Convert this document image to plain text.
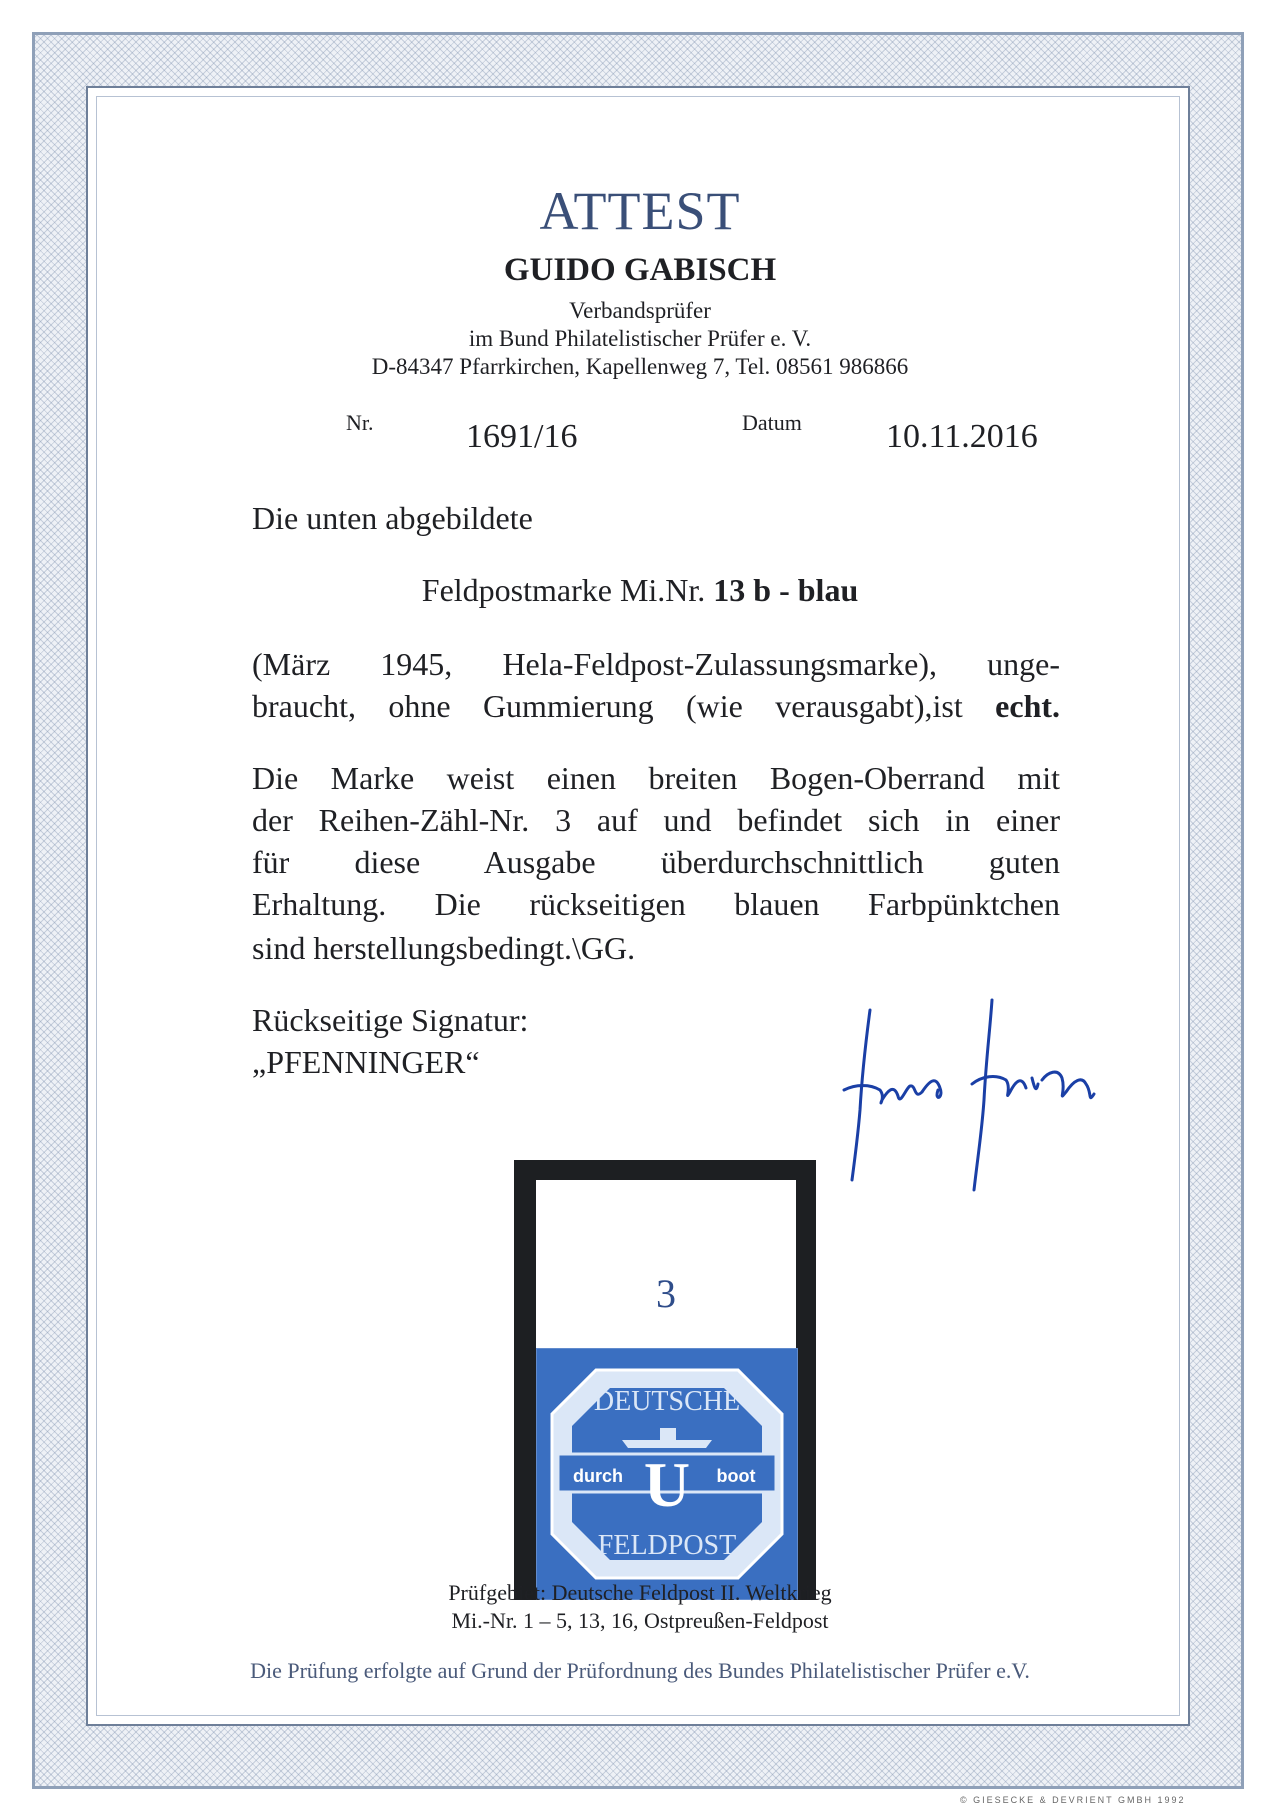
ATTEST
GUIDO GABISCH
Verbandsprüfer
im Bund Philatelistischer Prüfer e. V.
D-84347 Pfarrkirchen, Kapellenweg 7, Tel. 08561 986866
Nr.	1691/16	Datum 10.11.2016
Die unten abgebildete
Feldpostmarke Mi.Nr. 13 b - blau
(März 1945, Hela-Feldpost-Zulassungsmarke), unge-
braucht, ohne Gummierung (wie verausgabt),ist echt.
Die Marke weist einen breiten Bogen-Oberrand mit
der Reihen-Zähl-Nr. 3 auf und befindet sich in einer
für diese Ausgabe überdurchschnittlich guten
Erhaltung. Die rückseitigen blauen Farbpünktchen
sind herstellungsbedingt.\GG.
Rückseitige Signatur:
„PFENNINGER“
3
DEUTSCHE
durch	boot
U
FELDPOST
Prüfgebiet: Deutsche Feldpost II. Weltkrieg
Mi.-Nr. 1 – 5, 13, 16, Ostpreußen-Feldpost
Die Prüfung erfolgte auf Grund der Prüfordnung des Bundes Philatelistischer Prüfer e.V.
© GIESECKE & DEVRIENT GMBH 1992
